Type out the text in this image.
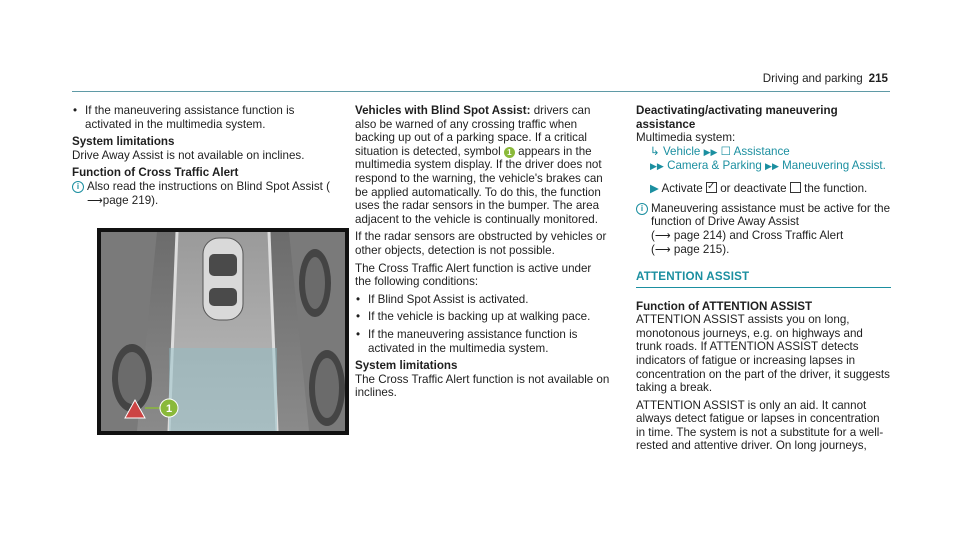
Driving and parking 215
• If the maneuvering assistance function is activated in the multimedia system.
System limitations

Drive Away Assist is not available on inclines.

Function of Cross Traffic Alert
i Also read the instructions on Blind Spot Assist (⟶page 219).
1

Vehicles with Blind Spot Assist: drivers can also be warned of any crossing traffic when backing up out of a parking space. If a critical situation is detected, symbol 1 appears in the multimedia system display. If the driver does not respond to the warning, the vehicle's brakes can be applied automatically. To do this, the function uses the radar sensors in the bumper. The area adjacent to the vehicle is continually monitored.

If the radar sensors are obstructed by vehicles or other objects, detection is not possible.

The Cross Traffic Alert function is active under the following conditions:

• If Blind Spot Assist is activated.
• If the vehicle is backing up at walking pace.
• If the maneuvering assistance function is activated in the multimedia system.
System limitations

The Cross Traffic Alert function is not available on inclines.

Deactivating/activating maneuvering assistance
Multimedia system:
↳ Vehicle ▶▶ ☐ Assistance
▶▶ Camera & Parking ▶▶ Maneuvering Assist.
▶ Activate ✓ or deactivate the function.
i Maneuvering assistance must be active for the function of Drive Away Assist
(⟶ page 214) and Cross Traffic Alert
(⟶ page 215).
ATTENTION ASSIST
Function of ATTENTION ASSIST

ATTENTION ASSIST assists you on long, monotonous journeys, e.g. on highways and trunk roads. If ATTENTION ASSIST detects indicators of fatigue or increasing lapses in concentration on the part of the driver, it suggests taking a break.

ATTENTION ASSIST is only an aid. It cannot always detect fatigue or lapses in concentration in time. The system is not a substitute for a well-rested and attentive driver. On long journeys,
